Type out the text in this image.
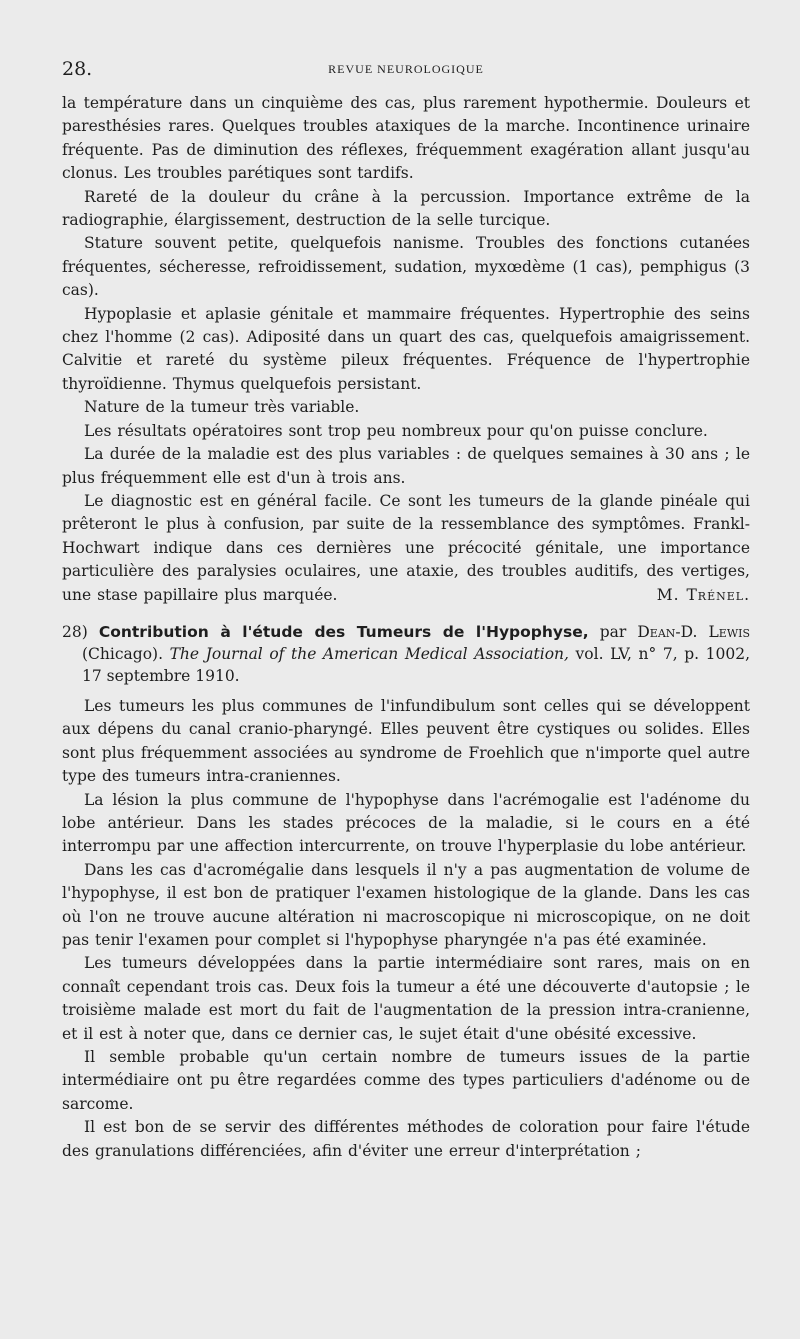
28.	REVUE NEUROLOGIQUE

la température dans un cinquième des cas, plus rarement hypothermie. Douleurs et paresthésies rares. Quelques troubles ataxiques de la marche. Incontinence urinaire fréquente. Pas de diminution des réflexes, fréquemment exagération allant jusqu'au clonus. Les troubles parétiques sont tardifs.

Rareté de la douleur du crâne à la percussion. Importance extrême de la radiographie, élargissement, destruction de la selle turcique.

Stature souvent petite, quelquefois nanisme. Troubles des fonctions cutanées fréquentes, sécheresse, refroidissement, sudation, myxœdème (1 cas), pemphigus (3 cas).

Hypoplasie et aplasie génitale et mammaire fréquentes. Hypertrophie des seins chez l'homme (2 cas). Adiposité dans un quart des cas, quelquefois amaigrissement. Calvitie et rareté du système pileux fréquentes. Fréquence de l'hypertrophie thyroïdienne. Thymus quelquefois persistant.

Nature de la tumeur très variable.

Les résultats opératoires sont trop peu nombreux pour qu'on puisse conclure.

La durée de la maladie est des plus variables : de quelques semaines à 30 ans ; le plus fréquemment elle est d'un à trois ans.

Le diagnostic est en général facile. Ce sont les tumeurs de la glande pinéale qui prêteront le plus à confusion, par suite de la ressemblance des symptômes. Frankl-Hochwart indique dans ces dernières une précocité génitale, une importance particulière des paralysies oculaires, une ataxie, des troubles auditifs, des vertiges, une stase papillaire plus marquée.	M. Trénel.

28) Contribution à l'étude des Tumeurs de l'Hypophyse, par Dean-D. Lewis (Chicago). The Journal of the American Medical Association, vol. LV, n° 7, p. 1002, 17 septembre 1910.

Les tumeurs les plus communes de l'infundibulum sont celles qui se développent aux dépens du canal cranio-pharyngé. Elles peuvent être cystiques ou solides. Elles sont plus fréquemment associées au syndrome de Froehlich que n'importe quel autre type des tumeurs intra-craniennes.

La lésion la plus commune de l'hypophyse dans l'acrémogalie est l'adénome du lobe antérieur. Dans les stades précoces de la maladie, si le cours en a été interrompu par une affection intercurrente, on trouve l'hyperplasie du lobe antérieur.

Dans les cas d'acromégalie dans lesquels il n'y a pas augmentation de volume de l'hypophyse, il est bon de pratiquer l'examen histologique de la glande. Dans les cas où l'on ne trouve aucune altération ni macroscopique ni microscopique, on ne doit pas tenir l'examen pour complet si l'hypophyse pharyngée n'a pas été examinée.

Les tumeurs développées dans la partie intermédiaire sont rares, mais on en connaît cependant trois cas. Deux fois la tumeur a été une découverte d'autopsie ; le troisième malade est mort du fait de l'augmentation de la pression intra-cranienne, et il est à noter que, dans ce dernier cas, le sujet était d'une obésité excessive.

Il semble probable qu'un certain nombre de tumeurs issues de la partie intermédiaire ont pu être regardées comme des types particuliers d'adénome ou de sarcome.

Il est bon de se servir des différentes méthodes de coloration pour faire l'étude des granulations différenciées, afin d'éviter une erreur d'interprétation ;
